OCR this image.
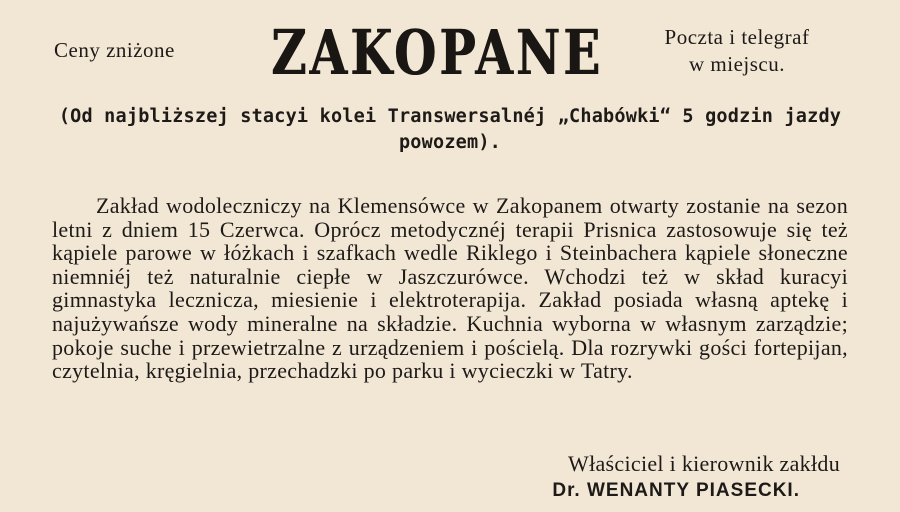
Ceny zniżone ZAKOPANE	Poczta i telegraf
w miejscu.
(Od najbliższej stacyi kolei Transwersalnéj „Chabówki“ 5 godzin jazdy powozem).

Zakład wodoleczniczy na Klemensówce w Zakopanem otwarty zostanie na sezon letni z dniem 15 Czerwca. Oprócz metodycznéj terapii Prisnica zastosowuje się też kąpiele parowe w łóżkach i szafkach wedle Riklego i Steinbachera kąpiele słoneczne niemniéj też naturalnie ciepłe w Jaszczurówce. Wchodzi też w skład kuracyi gimnastyka lecznicza, miesienie i elektroterapija. Zakład posiada własną aptekę i najużywańsze wody mineralne na składzie. Kuchnia wyborna w własnym zarządzie; pokoje suche i przewietrzalne z urządzeniem i pościelą. Dla rozrywki gości fortepijan, czytelnia, kręgielnia, przechadzki po parku i wycieczki w Tatry.

Właściciel i kierownik zakłdu
Dr. WENANTY PIASECKI.
